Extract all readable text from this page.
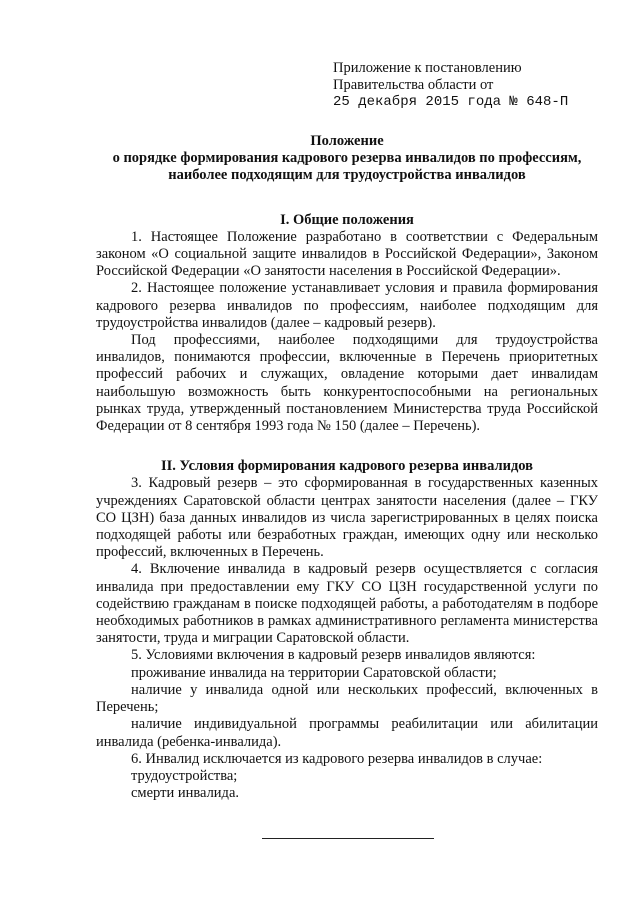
Приложение к постановлению
Правительства области от
25 декабря 2015 года № 648-П
Положение
о порядке формирования кадрового резерва инвалидов по профессиям,
наиболее подходящим для трудоустройства инвалидов
I. Общие положения

1. Настоящее Положение разработано в соответствии с Федеральным законом «О социальной защите инвалидов в Российской Федерации», Законом Российской Федерации «О занятости населения в Российской Федерации».

2. Настоящее положение устанавливает условия и правила формирования кадрового резерва инвалидов по профессиям, наиболее подходящим для трудоустройства инвалидов (далее – кадровый резерв).

Под профессиями, наиболее подходящими для трудоустройства инвалидов, понимаются профессии, включенные в Перечень приоритетных профессий рабочих и служащих, овладение которыми дает инвалидам наибольшую возможность быть конкурентоспособными на региональных рынках труда, утвержденный постановлением Министерства труда Российской Федерации от 8 сентября 1993 года № 150 (далее – Перечень).

II. Условия формирования кадрового резерва инвалидов

3. Кадровый резерв – это сформированная в государственных казенных учреждениях Саратовской области центрах занятости населения (далее – ГКУ СО ЦЗН) база данных инвалидов из числа зарегистрированных в целях поиска подходящей работы или безработных граждан, имеющих одну или несколько профессий, включенных в Перечень.

4. Включение инвалида в кадровый резерв осуществляется с согласия инвалида при предоставлении ему ГКУ СО ЦЗН государственной услуги по содействию гражданам в поиске подходящей работы, а работодателям в подборе необходимых работников в рамках административного регламента министерства занятости, труда и миграции Саратовской области.

5. Условиями включения в кадровый резерв инвалидов являются:

проживание инвалида на территории Саратовской области;

наличие у инвалида одной или нескольких профессий, включенных в Перечень;

наличие индивидуальной программы реабилитации или абилитации инвалида (ребенка-инвалида).

6. Инвалид исключается из кадрового резерва инвалидов в случае:

трудоустройства;

смерти инвалида.
